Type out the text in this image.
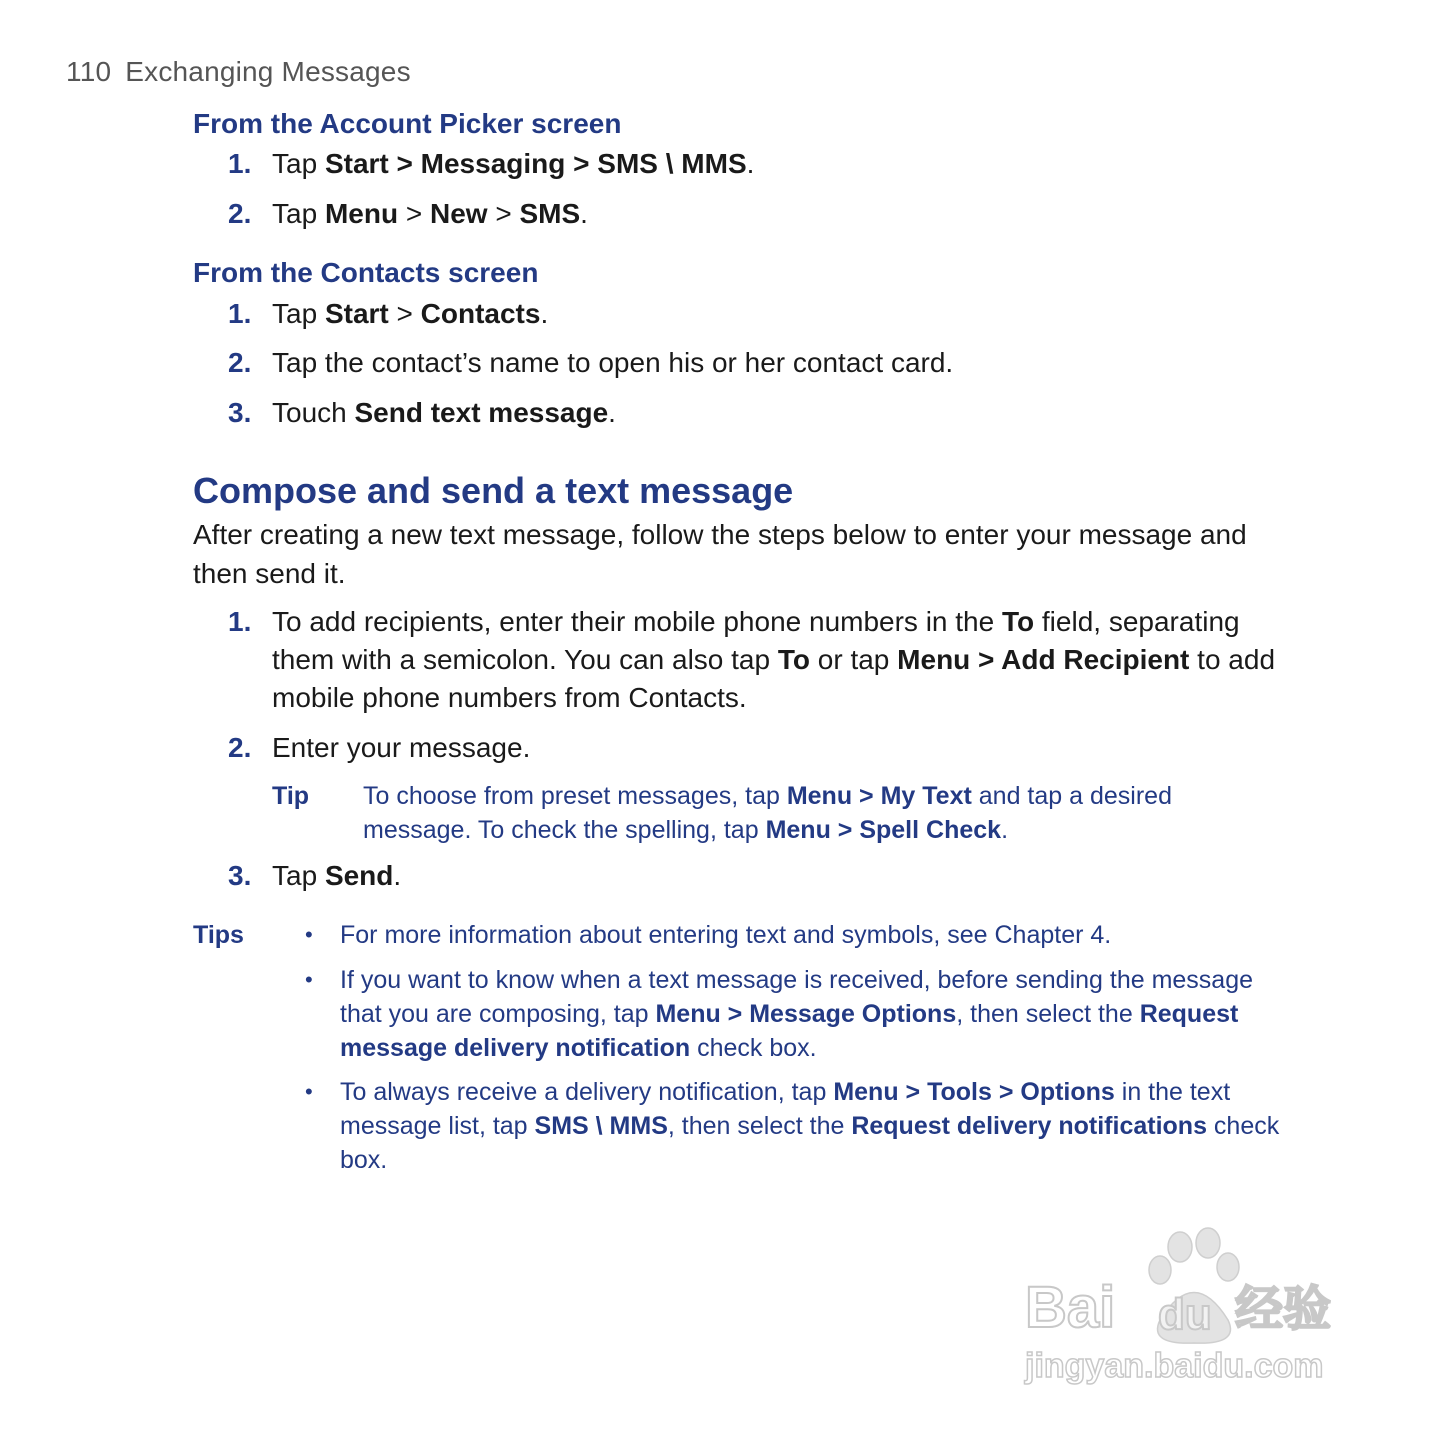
110 Exchanging Messages
From the Account Picker screen
1. Tap Start > Messaging > SMS \ MMS.
2. Tap Menu > New > SMS.
From the Contacts screen
1. Tap Start > Contacts.
2. Tap the contact’s name to open his or her contact card.
3. Touch Send text message.
Compose and send a text message
After creating a new text message, follow the steps below to enter your message and then send it.
1. To add recipients, enter their mobile phone numbers in the To field, separating them with a semicolon. You can also tap To or tap Menu > Add Recipient to add mobile phone numbers from Contacts.
2. Enter your message.
Tip To choose from preset messages, tap Menu > My Text and tap a desired message. To check the spelling, tap Menu > Spell Check.
3. Tap Send.
Tips	• For more information about entering text and symbols, see Chapter 4.
• If you want to know when a text message is received, before sending the message that you are composing, tap Menu > Message Options, then select the Request message delivery notification check box.
• To always receive a delivery notification, tap Menu > Tools > Options in the text message list, tap SMS \ MMS, then select the Request delivery notifications check box.
Bai du 经验
jingyan.baidu.com
